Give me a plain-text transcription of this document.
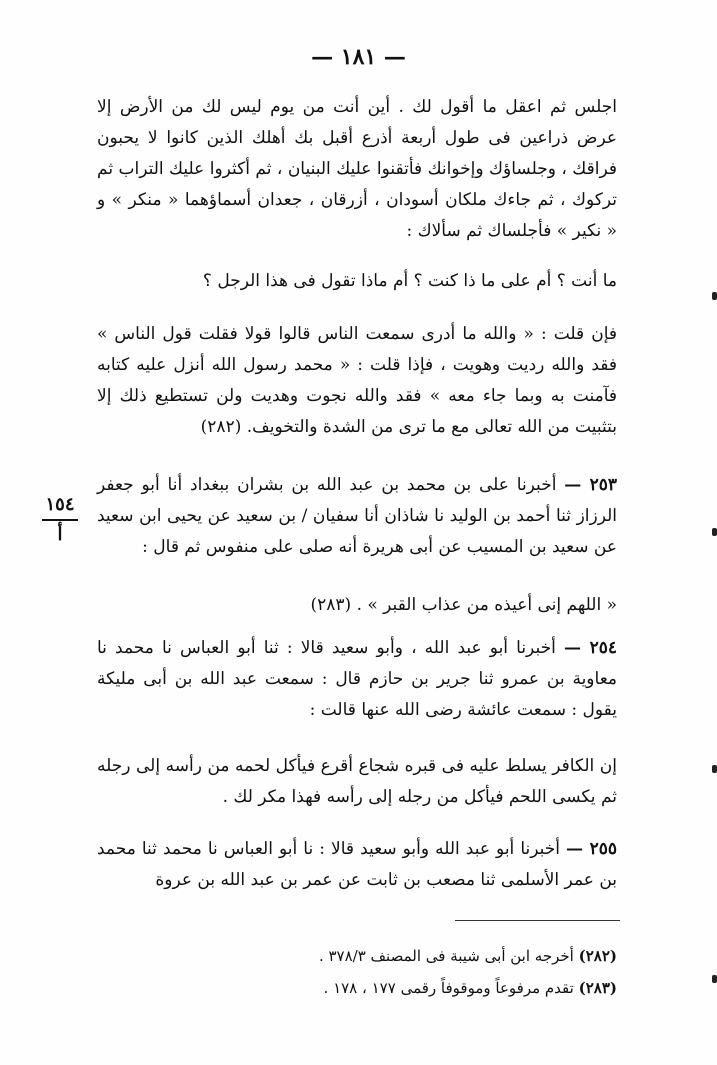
— ١٨١ —
١٥٤
أ

اجلس ثم اعقل ما أقول لك . أين أنت من يوم ليس لك من الأرض إلا عرض ذراعين فى طول أربعة أذرع أقبل بك أهلك الذين كانوا لا يحبون فراقك ، وجلساؤك وإخوانك فأتقنوا عليك البنيان ، ثم أكثروا عليك التراب ثم تركوك ، ثم جاءك ملكان أسودان ، أزرقان ، جعدان أسماؤهما « منكر » و « نكير » فأجلساك ثم سألاك :

ما أنت ؟ أم على ما ذا كنت ؟ أم ماذا تقول فى هذا الرجل ؟

فإن قلت : « والله ما أدرى سمعت الناس قالوا قولا فقلت قول الناس » فقد والله رديت وهويت ، فإذا قلت : « محمد رسول الله أنزل عليه كتابه فآمنت به وبما جاء معه » فقد والله نجوت وهديت ولن تستطيع ذلك إلا بتثبيت من الله تعالى مع ما ترى من الشدة والتخويف. (٢٨٢)

٢٥٣ — أخبرنا على بن محمد بن عبد الله بن بشران ببغداد أنا أبو جعفر الرزاز ثنا أحمد بن الوليد نا شاذان أنا سفيان / بن سعيد عن يحيى ابن سعيد عن سعيد بن المسيب عن أبى هريرة أنه صلى على منفوس ثم قال :

« اللهم إنى أعيذه من عذاب القبر » . (٢٨٣)

٢٥٤ — أخبرنا أبو عبد الله ، وأبو سعيد قالا : ثنا أبو العباس نا محمد نا معاوية بن عمرو ثنا جرير بن حازم قال : سمعت عبد الله بن أبى مليكة يقول : سمعت عائشة رضى الله عنها قالت :

إن الكافر يسلط عليه فى قبره شجاع أقرع فيأكل لحمه من رأسه إلى رجله ثم يكسى اللحم فيأكل من رجله إلى رأسه فهذا مكر لك .

٢٥٥ — أخبرنا أبو عبد الله وأبو سعيد قالا : نا أبو العباس نا محمد ثنا محمد بن عمر الأسلمى ثنا مصعب بن ثابت عن عمر بن عبد الله بن عروة

(٢٨٢) أخرجه ابن أبى شيبة فى المصنف ٣٧٨/٣ .

(٢٨٣) تقدم مرفوعاً وموقوفاً رقمى ١٧٧ ، ١٧٨ .
